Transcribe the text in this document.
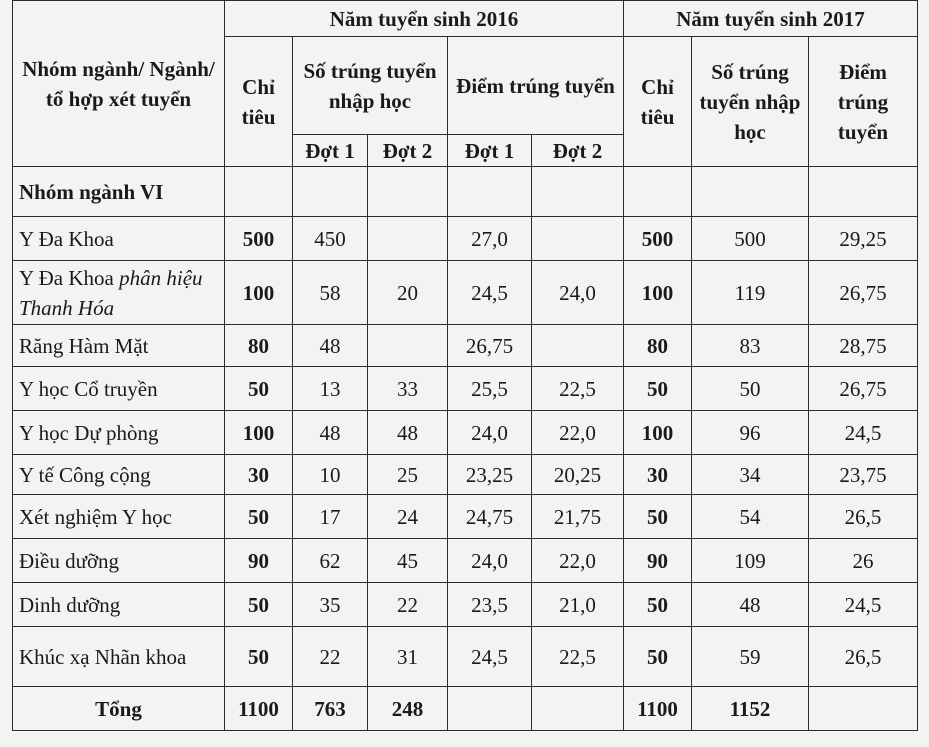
Nhóm ngành/ Ngành/ tổ hợp xét tuyển	Năm tuyển sinh 2016					Năm tuyển sinh 2017		
	Chỉ tiêu	Số trúng tuyển nhập học		Điểm trúng tuyển		Chỉ tiêu	Số trúng tuyển nhập học	Điểm trúng tuyển
		Đợt 1	Đợt 2	Đợt 1	Đợt 2			
Nhóm ngành VI								
Y Đa Khoa	500	450		27,0		500	500	29,25
Y Đa Khoa phân hiệu Thanh Hóa	100	58	20	24,5	24,0	100	119	26,75
Răng Hàm Mặt	80	48		26,75		80	83	28,75
Y học Cổ truyền	50	13	33	25,5	22,5	50	50	26,75
Y học Dự phòng	100	48	48	24,0	22,0	100	96	24,5
Y tế Công cộng	30	10	25	23,25	20,25	30	34	23,75
Xét nghiệm Y học	50	17	24	24,75	21,75	50	54	26,5
Điều dưỡng	90	62	45	24,0	22,0	90	109	26
Dinh dưỡng	50	35	22	23,5	21,0	50	48	24,5
Khúc xạ Nhãn khoa	50	22	31	24,5	22,5	50	59	26,5
Tổng	1100	763	248			1100	1152	
